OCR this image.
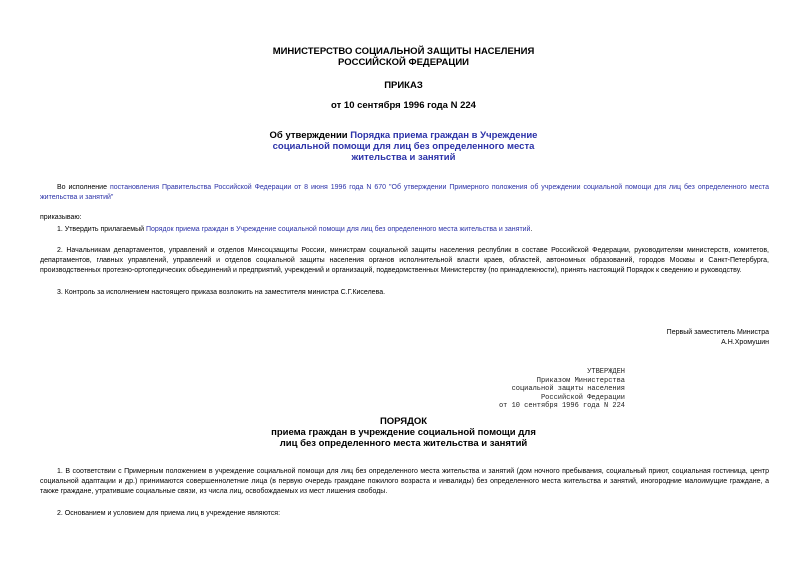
МИНИСТЕРСТВО СОЦИАЛЬНОЙ ЗАЩИТЫ НАСЕЛЕНИЯ
РОССИЙСКОЙ ФЕДЕРАЦИИ
ПРИКАЗ
от 10 сентября 1996 года N 224
Об утверждении Порядка приема граждан в Учреждение
социальной помощи для лиц без определенного места
жительства и занятий
Во исполнение постановления Правительства Российской Федерации от 8 июня 1996 года N 670 "Об утверждении Примерного положения об учреждении социальной помощи для лиц без определенного места жительства и занятий"
приказываю:
1. Утвердить прилагаемый Порядок приема граждан в Учреждение социальной помощи для лиц без определенного места жительства и занятий.
2. Начальникам департаментов, управлений и отделов Минсоцзащиты России, министрам социальной защиты населения республик в составе Российской Федерации, руководителям министерств, комитетов, департаментов, главных управлений, управлений и отделов социальной защиты населения органов исполнительной власти краев, областей, автономных образований, городов Москвы и Санкт-Петербурга, производственных протезно-ортопедических объединений и предприятий, учреждений и организаций, подведомственных Министерству (по принадлежности), принять настоящий Порядок к сведению и руководству.
3. Контроль за исполнением настоящего приказа возложить на заместителя министра С.Г.Киселева.
Первый заместитель Министра
А.Н.Хромушин
УТВЕРЖДЕН
Приказом Министерства
социальной защиты населения
Российской Федерации
от 10 сентября 1996 года N 224
ПОРЯДОК
приема граждан в учреждение социальной помощи для
лиц без определенного места жительства и занятий
1. В соответствии с Примерным положением в учреждение социальной помощи для лиц без определенного места жительства и занятий (дом ночного пребывания, социальный приют, социальная гостиница, центр социальной адаптации и др.) принимаются совершеннолетние лица (в первую очередь граждане пожилого возраста и инвалиды) без определенного места жительства и занятий, иногородние малоимущие граждане, а также граждане, утратившие социальные связи, из числа лиц, освобождаемых из мест лишения свободы.
2. Основанием и условием для приема лиц в учреждение являются:
